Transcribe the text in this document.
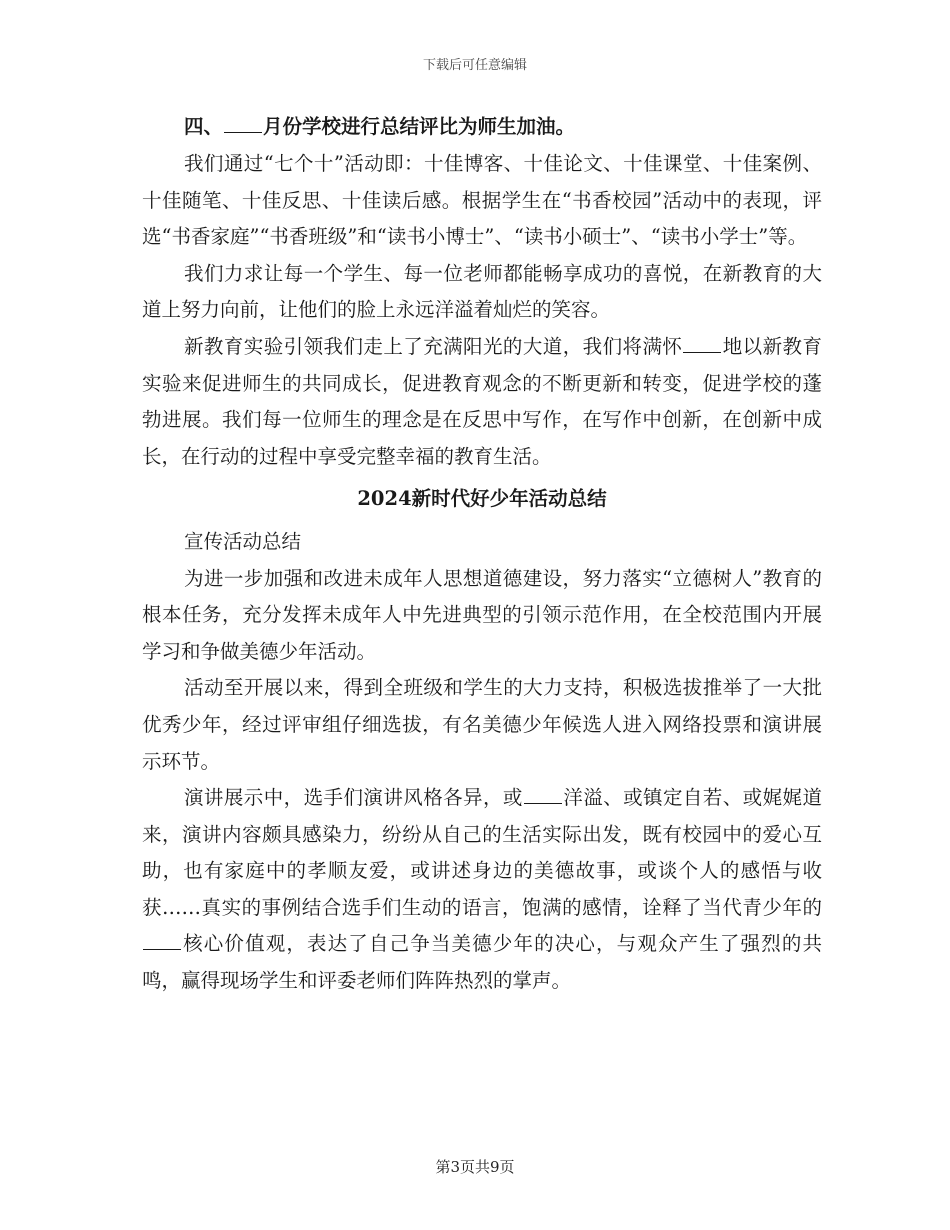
下载后可任意编辑

四、 月份学校进行总结评比为师生加油。

我们通过“七个十”活动即：十佳博客、十佳论文、十佳课堂、十佳案例、十佳随笔、十佳反思、十佳读后感。根据学生在“书香校园”活动中的表现，评选“书香家庭”“书香班级”和“读书小博士”、“读书小硕士”、“读书小学士”等。

我们力求让每一个学生、每一位老师都能畅享成功的喜悦，在新教育的大道上努力向前，让他们的脸上永远洋溢着灿烂的笑容。

新教育实验引领我们走上了充满阳光的大道，我们将满怀 地以新教育实验来促进师生的共同成长，促进教育观念的不断更新和转变，促进学校的蓬勃进展。我们每一位师生的理念是在反思中写作，在写作中创新，在创新中成长，在行动的过程中享受完整幸福的教育生活。

2024新时代好少年活动总结

宣传活动总结

为进一步加强和改进未成年人思想道德建设，努力落实“立德树人”教育的根本任务，充分发挥未成年人中先进典型的引领示范作用，在全校范围内开展学习和争做美德少年活动。

活动至开展以来，得到全班级和学生的大力支持，积极选拔推举了一大批优秀少年，经过评审组仔细选拔，有名美德少年候选人进入网络投票和演讲展示环节。

演讲展示中，选手们演讲风格各异，或 洋溢、或镇定自若、或娓娓道来，演讲内容颇具感染力，纷纷从自己的生活实际出发，既有校园中的爱心互助，也有家庭中的孝顺友爱，或讲述身边的美德故事，或谈个人的感悟与收获……真实的事例结合选手们生动的语言，饱满的感情，诠释了当代青少年的核心价值观，表达了自己争当美德少年的决心，与观众产生了强烈的共鸣，赢得现场学生和评委老师们阵阵热烈的掌声。

第3页共9页
